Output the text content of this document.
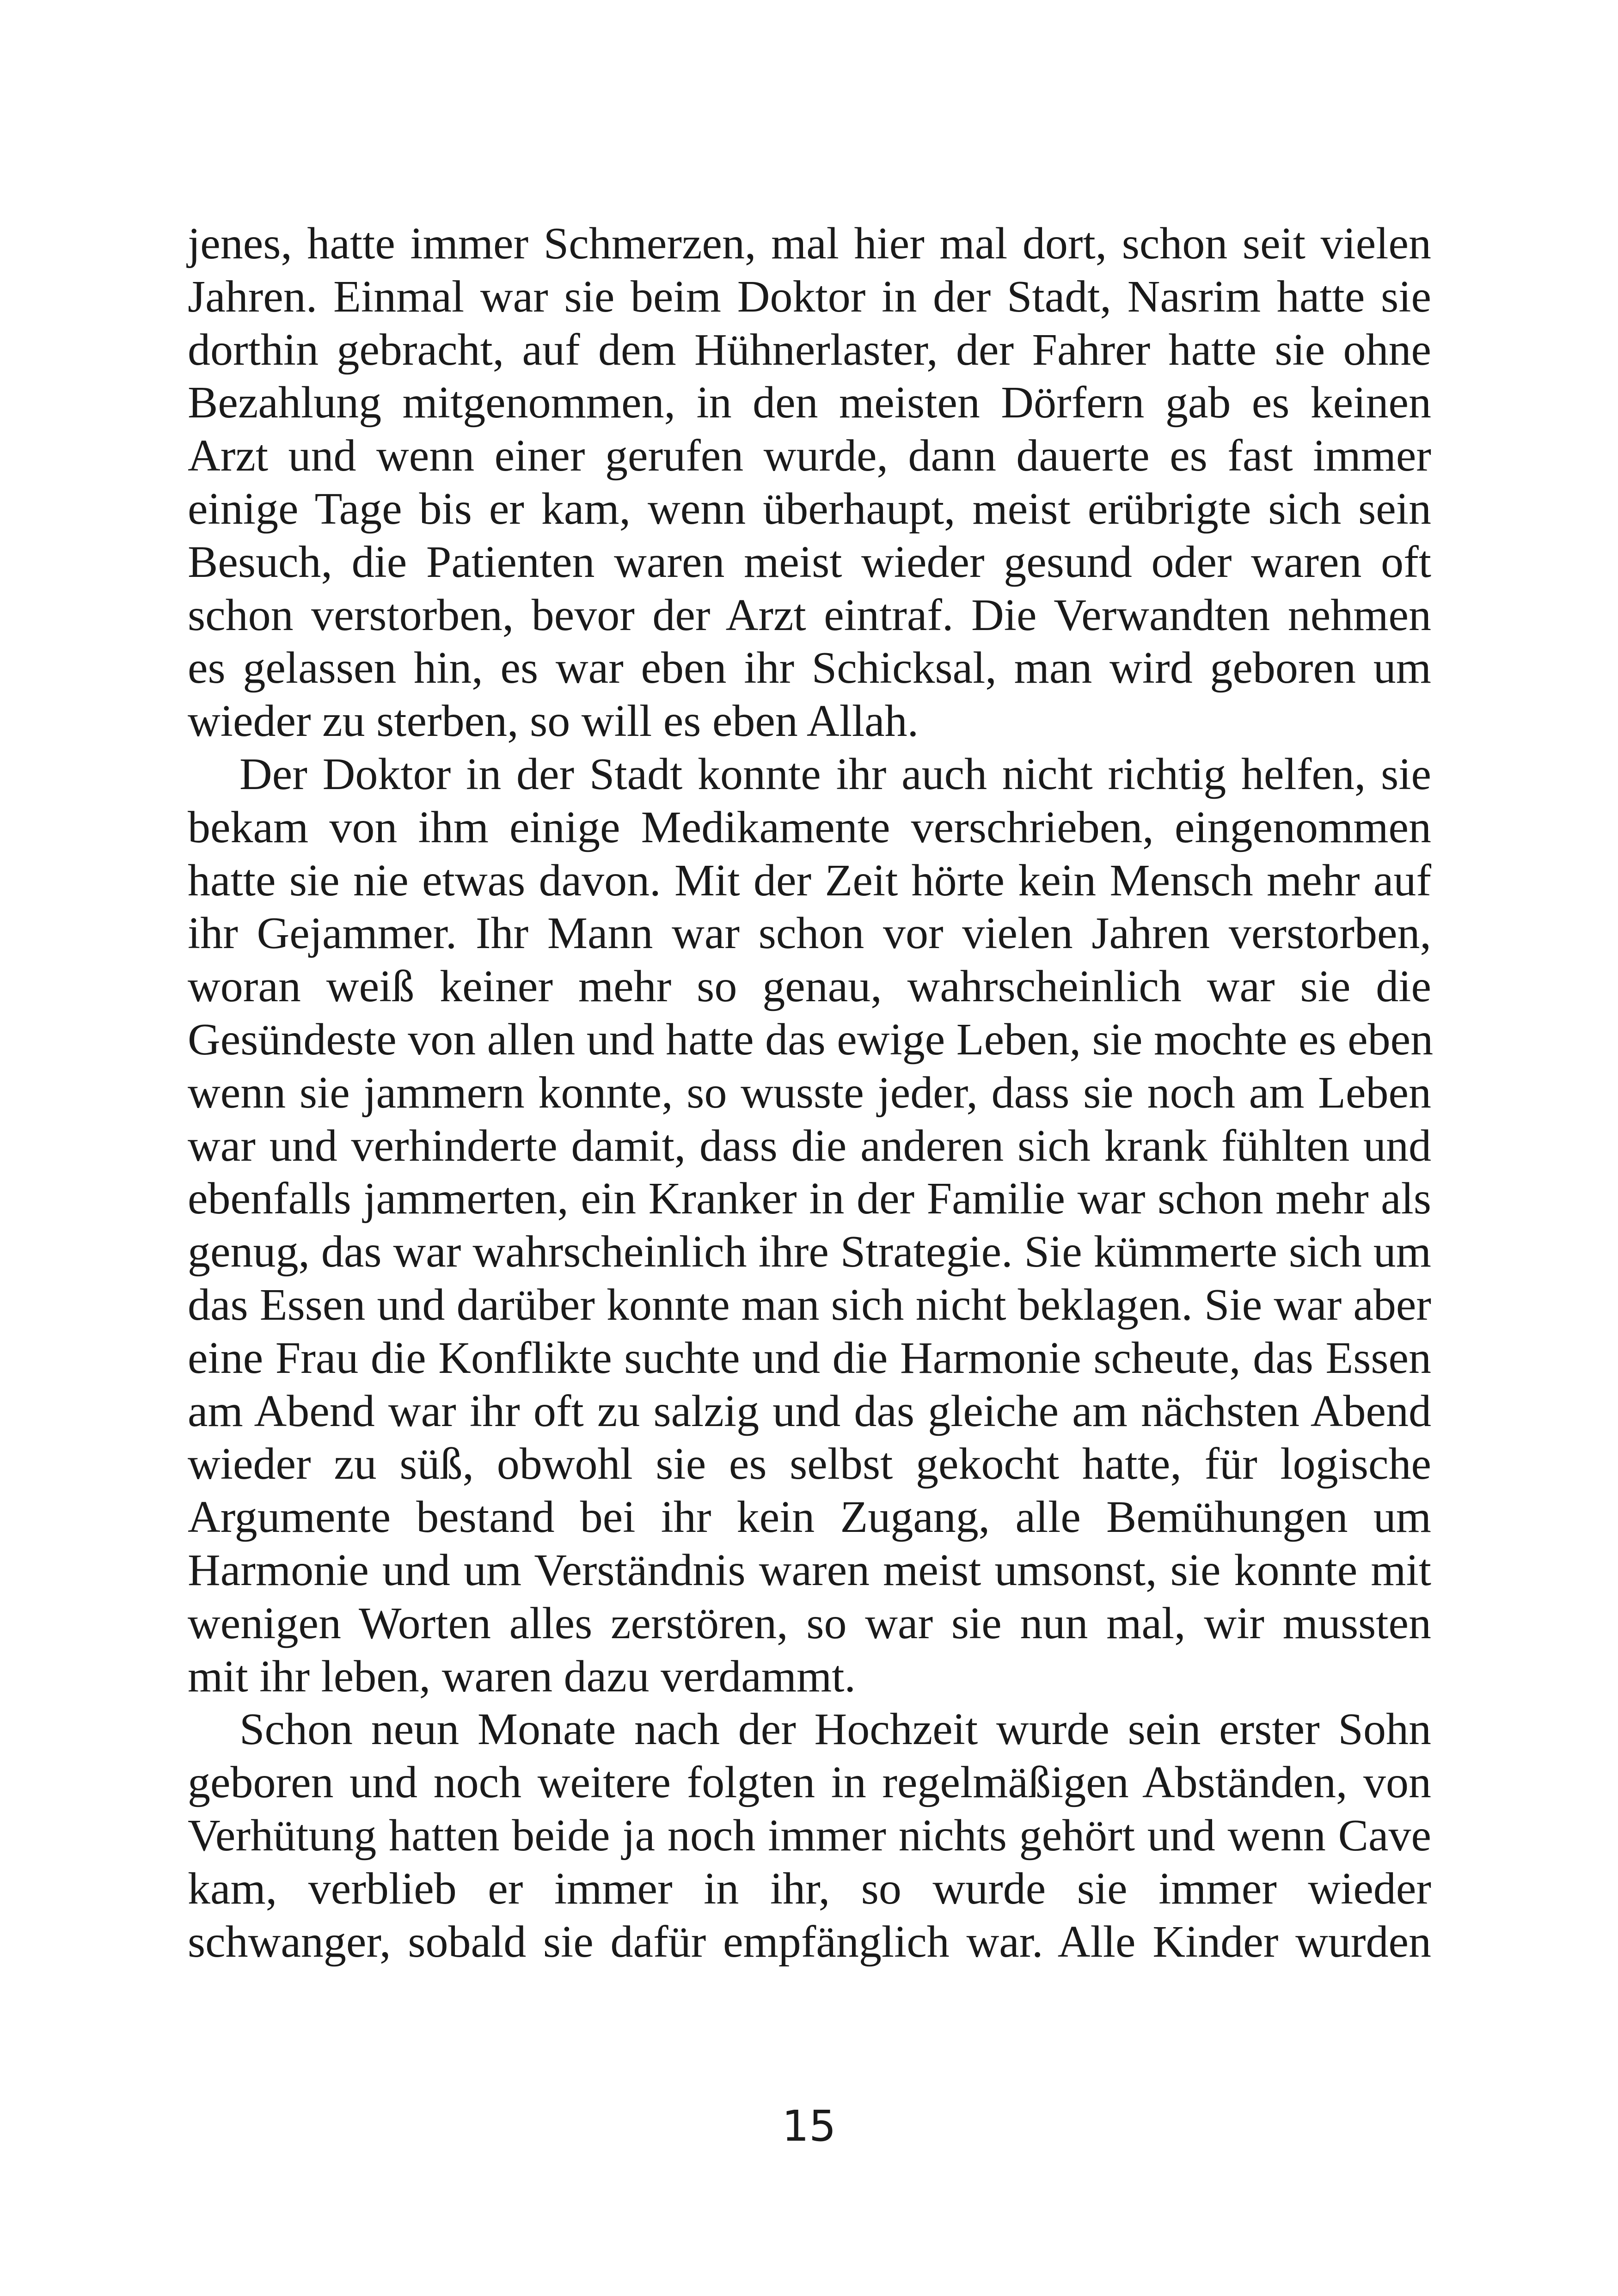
jenes, hatte immer Schmerzen, mal hier mal dort, schon seit vielen
Jahren. Einmal war sie beim Doktor in der Stadt, Nasrim hatte sie
dorthin gebracht, auf dem Hühnerlaster, der Fahrer hatte sie ohne
Bezahlung mitgenommen, in den meisten Dörfern gab es keinen
Arzt und wenn einer gerufen wurde, dann dauerte es fast immer
einige Tage bis er kam, wenn überhaupt, meist erübrigte sich sein
Besuch, die Patienten waren meist wieder gesund oder waren oft
schon verstorben, bevor der Arzt eintraf. Die Verwandten nehmen
es gelassen hin, es war eben ihr Schicksal, man wird geboren um
wieder zu sterben, so will es eben Allah.
Der Doktor in der Stadt konnte ihr auch nicht richtig helfen, sie
bekam von ihm einige Medikamente verschrieben, eingenommen
hatte sie nie etwas davon. Mit der Zeit hörte kein Mensch mehr auf
ihr Gejammer. Ihr Mann war schon vor vielen Jahren verstorben,
woran weiß keiner mehr so genau, wahrscheinlich war sie die
Gesündeste von allen und hatte das ewige Leben, sie mochte es eben
wenn sie jammern konnte, so wusste jeder, dass sie noch am Leben
war und verhinderte damit, dass die anderen sich krank fühlten und
ebenfalls jammerten, ein Kranker in der Familie war schon mehr als
genug, das war wahrscheinlich ihre Strategie. Sie kümmerte sich um
das Essen und darüber konnte man sich nicht beklagen. Sie war aber
eine Frau die Konflikte suchte und die Harmonie scheute, das Essen
am Abend war ihr oft zu salzig und das gleiche am nächsten Abend
wieder zu süß, obwohl sie es selbst gekocht hatte, für logische
Argumente bestand bei ihr kein Zugang, alle Bemühungen um
Harmonie und um Verständnis waren meist umsonst, sie konnte mit
wenigen Worten alles zerstören, so war sie nun mal, wir mussten
mit ihr leben, waren dazu verdammt.
Schon neun Monate nach der Hochzeit wurde sein erster Sohn
geboren und noch weitere folgten in regelmäßigen Abständen, von
Verhütung hatten beide ja noch immer nichts gehört und wenn Cave
kam, verblieb er immer in ihr, so wurde sie immer wieder
schwanger, sobald sie dafür empfänglich war. Alle Kinder wurden
15
